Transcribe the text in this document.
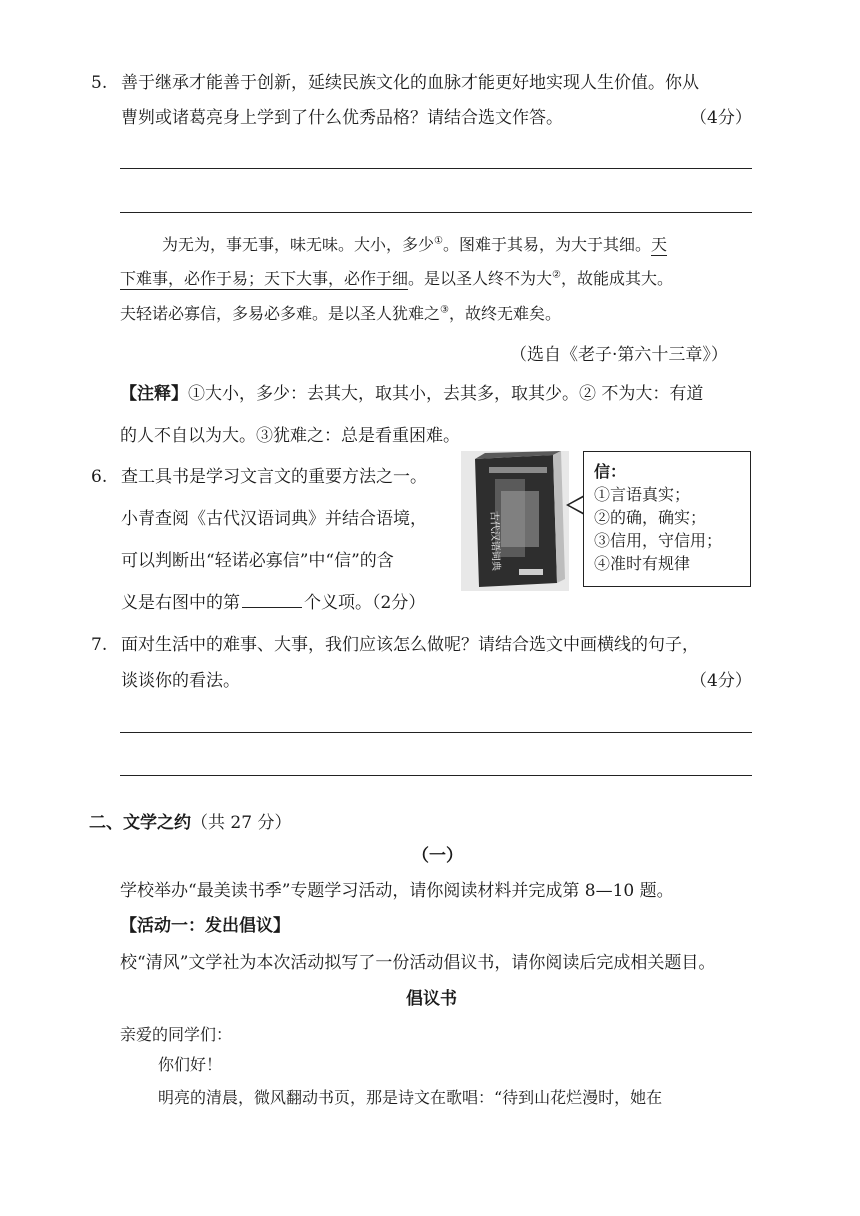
5. 善于继承才能善于创新，延续民族文化的血脉才能更好地实现人生价值。你从
曹刿或诸葛亮身上学到了什么优秀品格？请结合选文作答。	（4分）
为无为，事无事，味无味。大小，多少①。图难于其易，为大于其细。天
下难事，必作于易；天下大事，必作于细。是以圣人终不为大②，故能成其大。
夫轻诺必寡信，多易必多难。是以圣人犹难之③，故终无难矣。
（选自《老子·第六十三章》）
【注释】①大小，多少：去其大，取其小，去其多，取其少。② 不为大：有道
的人不自以为大。③犹难之：总是看重困难。
6. 查工具书是学习文言文的重要方法之一。
小青查阅《古代汉语词典》并结合语境，
可以判断出“轻诺必寡信”中“信”的含
义是右图中的第	个义项。（2分）
古代汉语词典
信：
①言语真实；
②的确，确实；
③信用，守信用；
④准时有规律
7. 面对生活中的难事、大事，我们应该怎么做呢？请结合选文中画横线的句子，
谈谈你的看法。	（4分）
二、文学之约（共 27 分）
（一）
学校举办“最美读书季”专题学习活动，请你阅读材料并完成第 8—10 题。
【活动一：发出倡议】
校“清风”文学社为本次活动拟写了一份活动倡议书，请你阅读后完成相关题目。
倡议书
亲爱的同学们：
你们好！
明亮的清晨，微风翻动书页，那是诗文在歌唱：“待到山花烂漫时，她在
